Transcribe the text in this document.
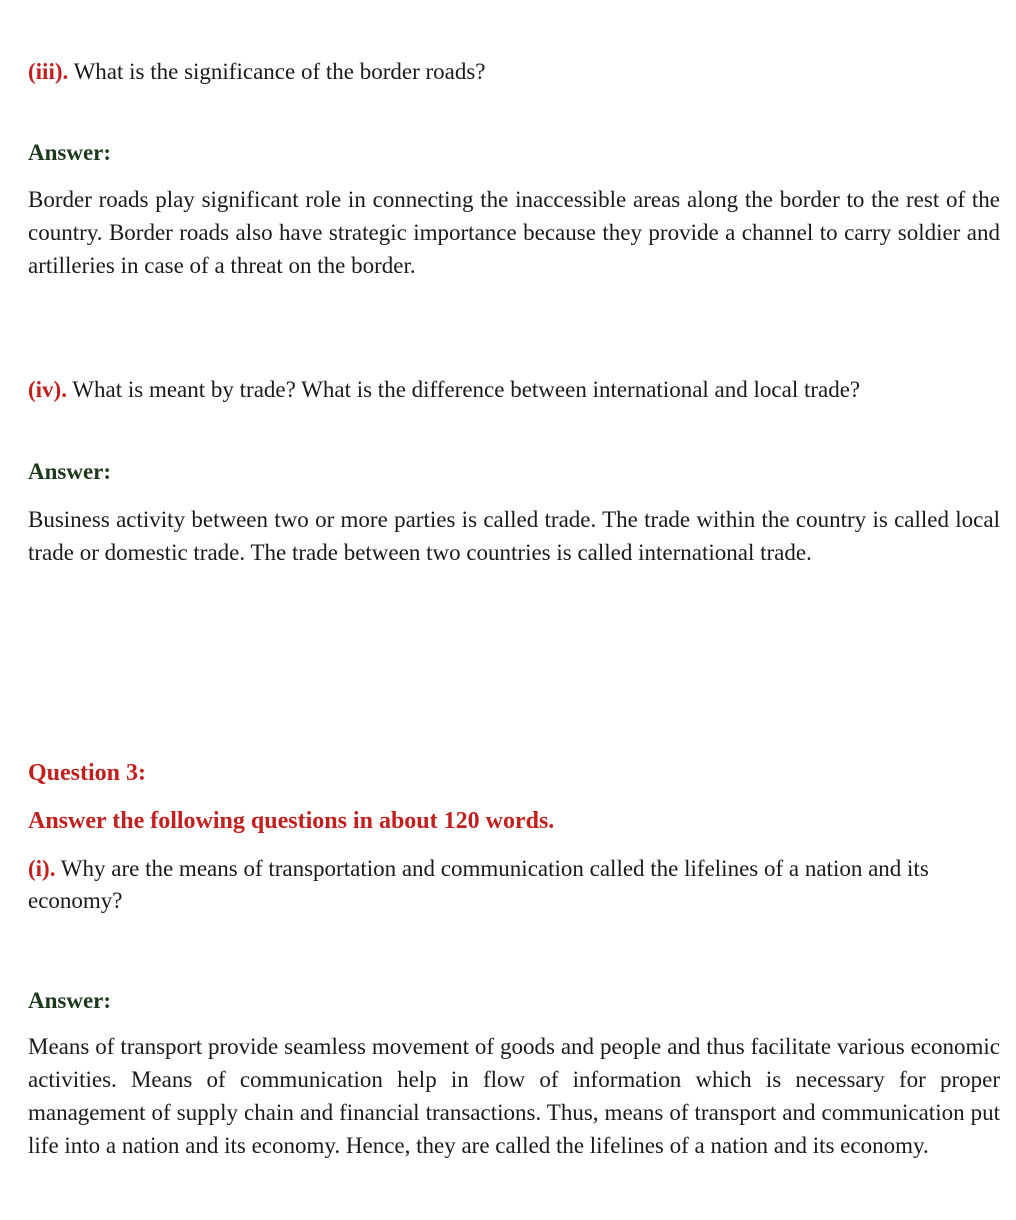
(iii). What is the significance of the border roads?
Answer:
Border roads play significant role in connecting the inaccessible areas along the border to the rest of the country. Border roads also have strategic importance because they provide a channel to carry soldier and artilleries in case of a threat on the border.
(iv). What is meant by trade? What is the difference between international and local trade?
Answer:
Business activity between two or more parties is called trade. The trade within the country is called local trade or domestic trade. The trade between two countries is called international trade.
Question 3:
Answer the following questions in about 120 words.
(i). Why are the means of transportation and communication called the lifelines of a nation and its economy?
Answer:
Means of transport provide seamless movement of goods and people and thus facilitate various economic activities. Means of communication help in flow of information which is necessary for proper management of supply chain and financial transactions. Thus, means of transport and communication put life into a nation and its economy. Hence, they are called the lifelines of a nation and its economy.
